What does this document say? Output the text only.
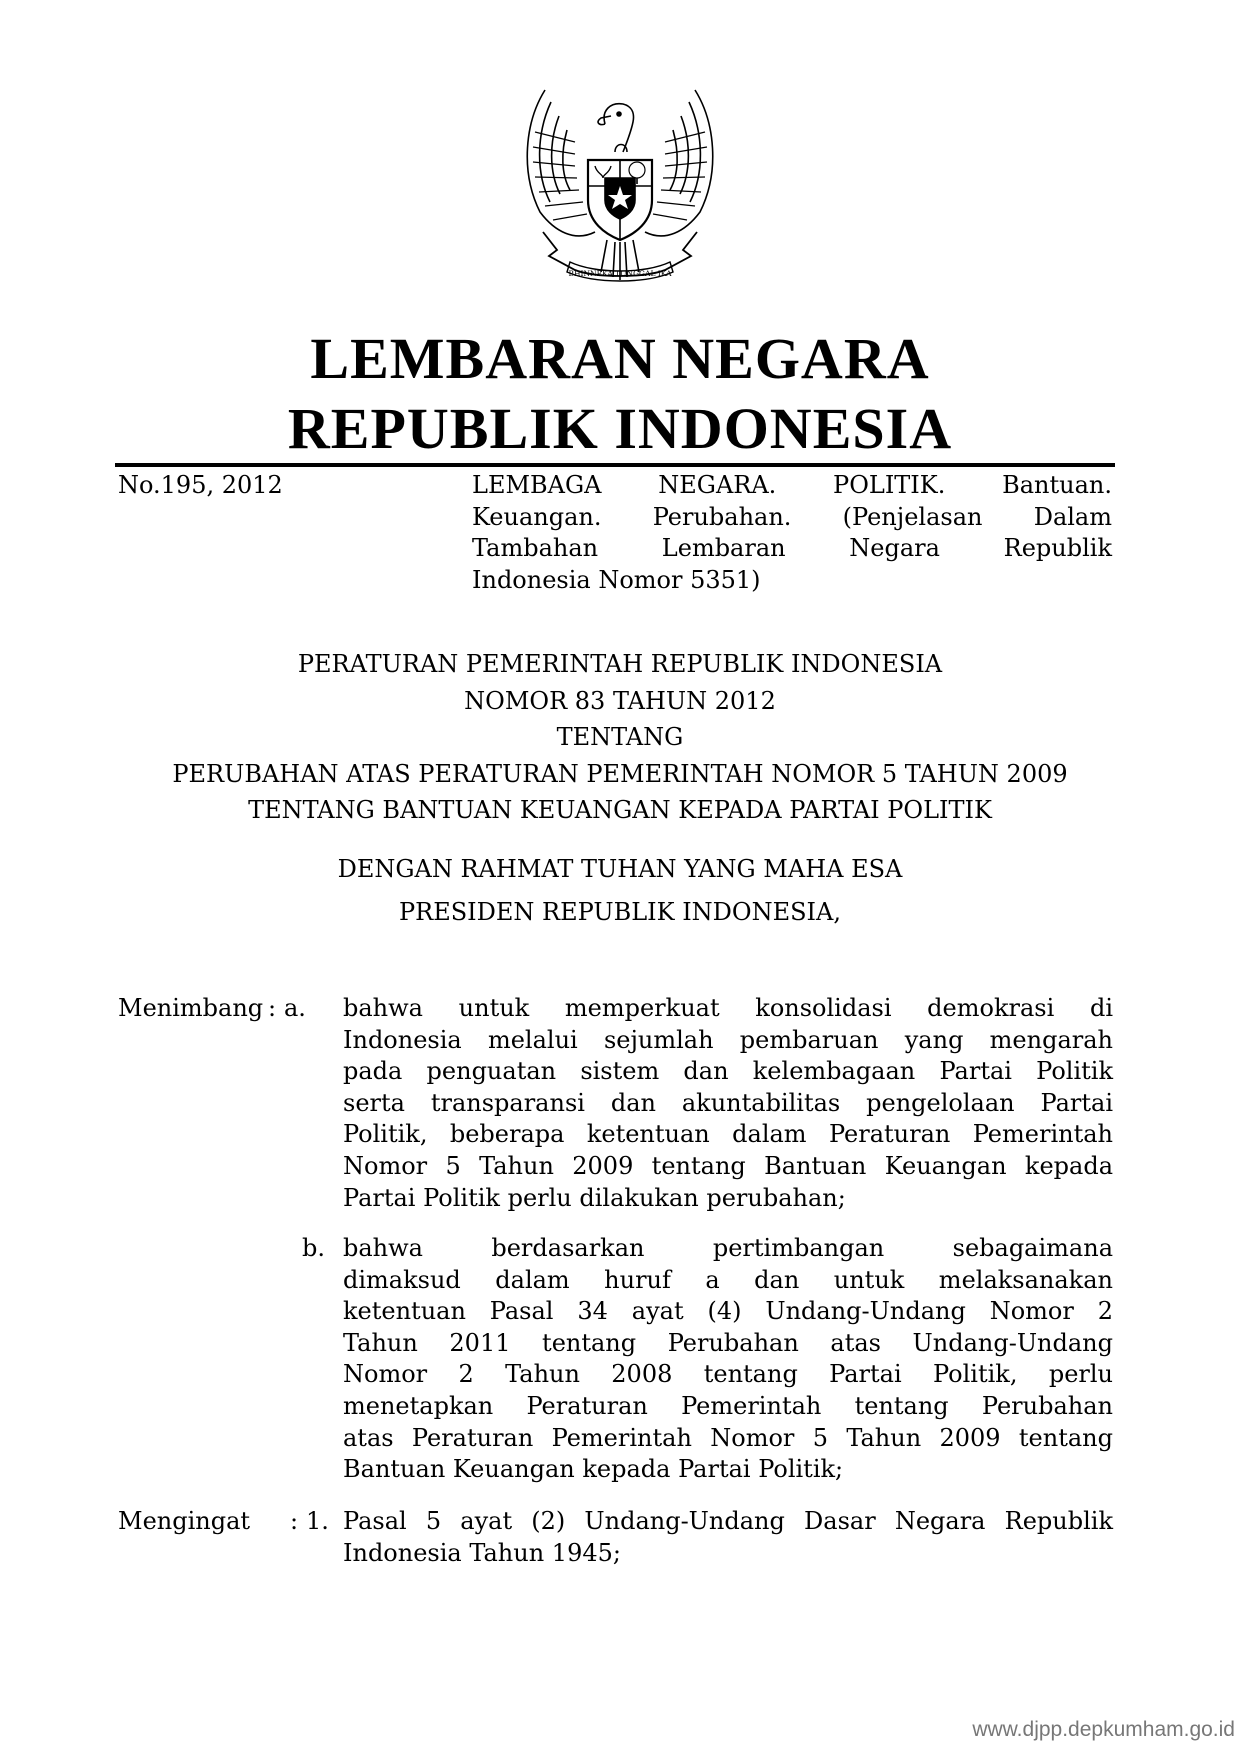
BHINNEKA TUNGGAL IKA
LEMBARAN NEGARA
REPUBLIK INDONESIA
No.195, 2012	LEMBAGA NEGARA. POLITIK. Bantuan.
Keuangan. Perubahan. (Penjelasan Dalam
Tambahan Lembaran Negara Republik
Indonesia Nomor 5351)
PERATURAN PEMERINTAH REPUBLIK INDONESIA
NOMOR 83 TAHUN 2012
TENTANG
PERUBAHAN ATAS PERATURAN PEMERINTAH NOMOR 5 TAHUN 2009
TENTANG BANTUAN KEUANGAN KEPADA PARTAI POLITIK
DENGAN RAHMAT TUHAN YANG MAHA ESA
PRESIDEN REPUBLIK INDONESIA,
Menimbang : a. bahwa untuk memperkuat konsolidasi demokrasi di
Indonesia melalui sejumlah pembaruan yang mengarah
pada penguatan sistem dan kelembagaan Partai Politik
serta transparansi dan akuntabilitas pengelolaan Partai
Politik, beberapa ketentuan dalam Peraturan Pemerintah
Nomor 5 Tahun 2009 tentang Bantuan Keuangan kepada
Partai Politik perlu dilakukan perubahan;
b. bahwa berdasarkan pertimbangan sebagaimana
dimaksud dalam huruf a dan untuk melaksanakan
ketentuan Pasal 34 ayat (4) Undang-Undang Nomor 2
Tahun 2011 tentang Perubahan atas Undang-Undang
Nomor 2 Tahun 2008 tentang Partai Politik, perlu
menetapkan Peraturan Pemerintah tentang Perubahan
atas Peraturan Pemerintah Nomor 5 Tahun 2009 tentang
Bantuan Keuangan kepada Partai Politik;
Mengingat : 1. Pasal 5 ayat (2) Undang-Undang Dasar Negara Republik
Indonesia Tahun 1945;
www.djpp.depkumham.go.id
